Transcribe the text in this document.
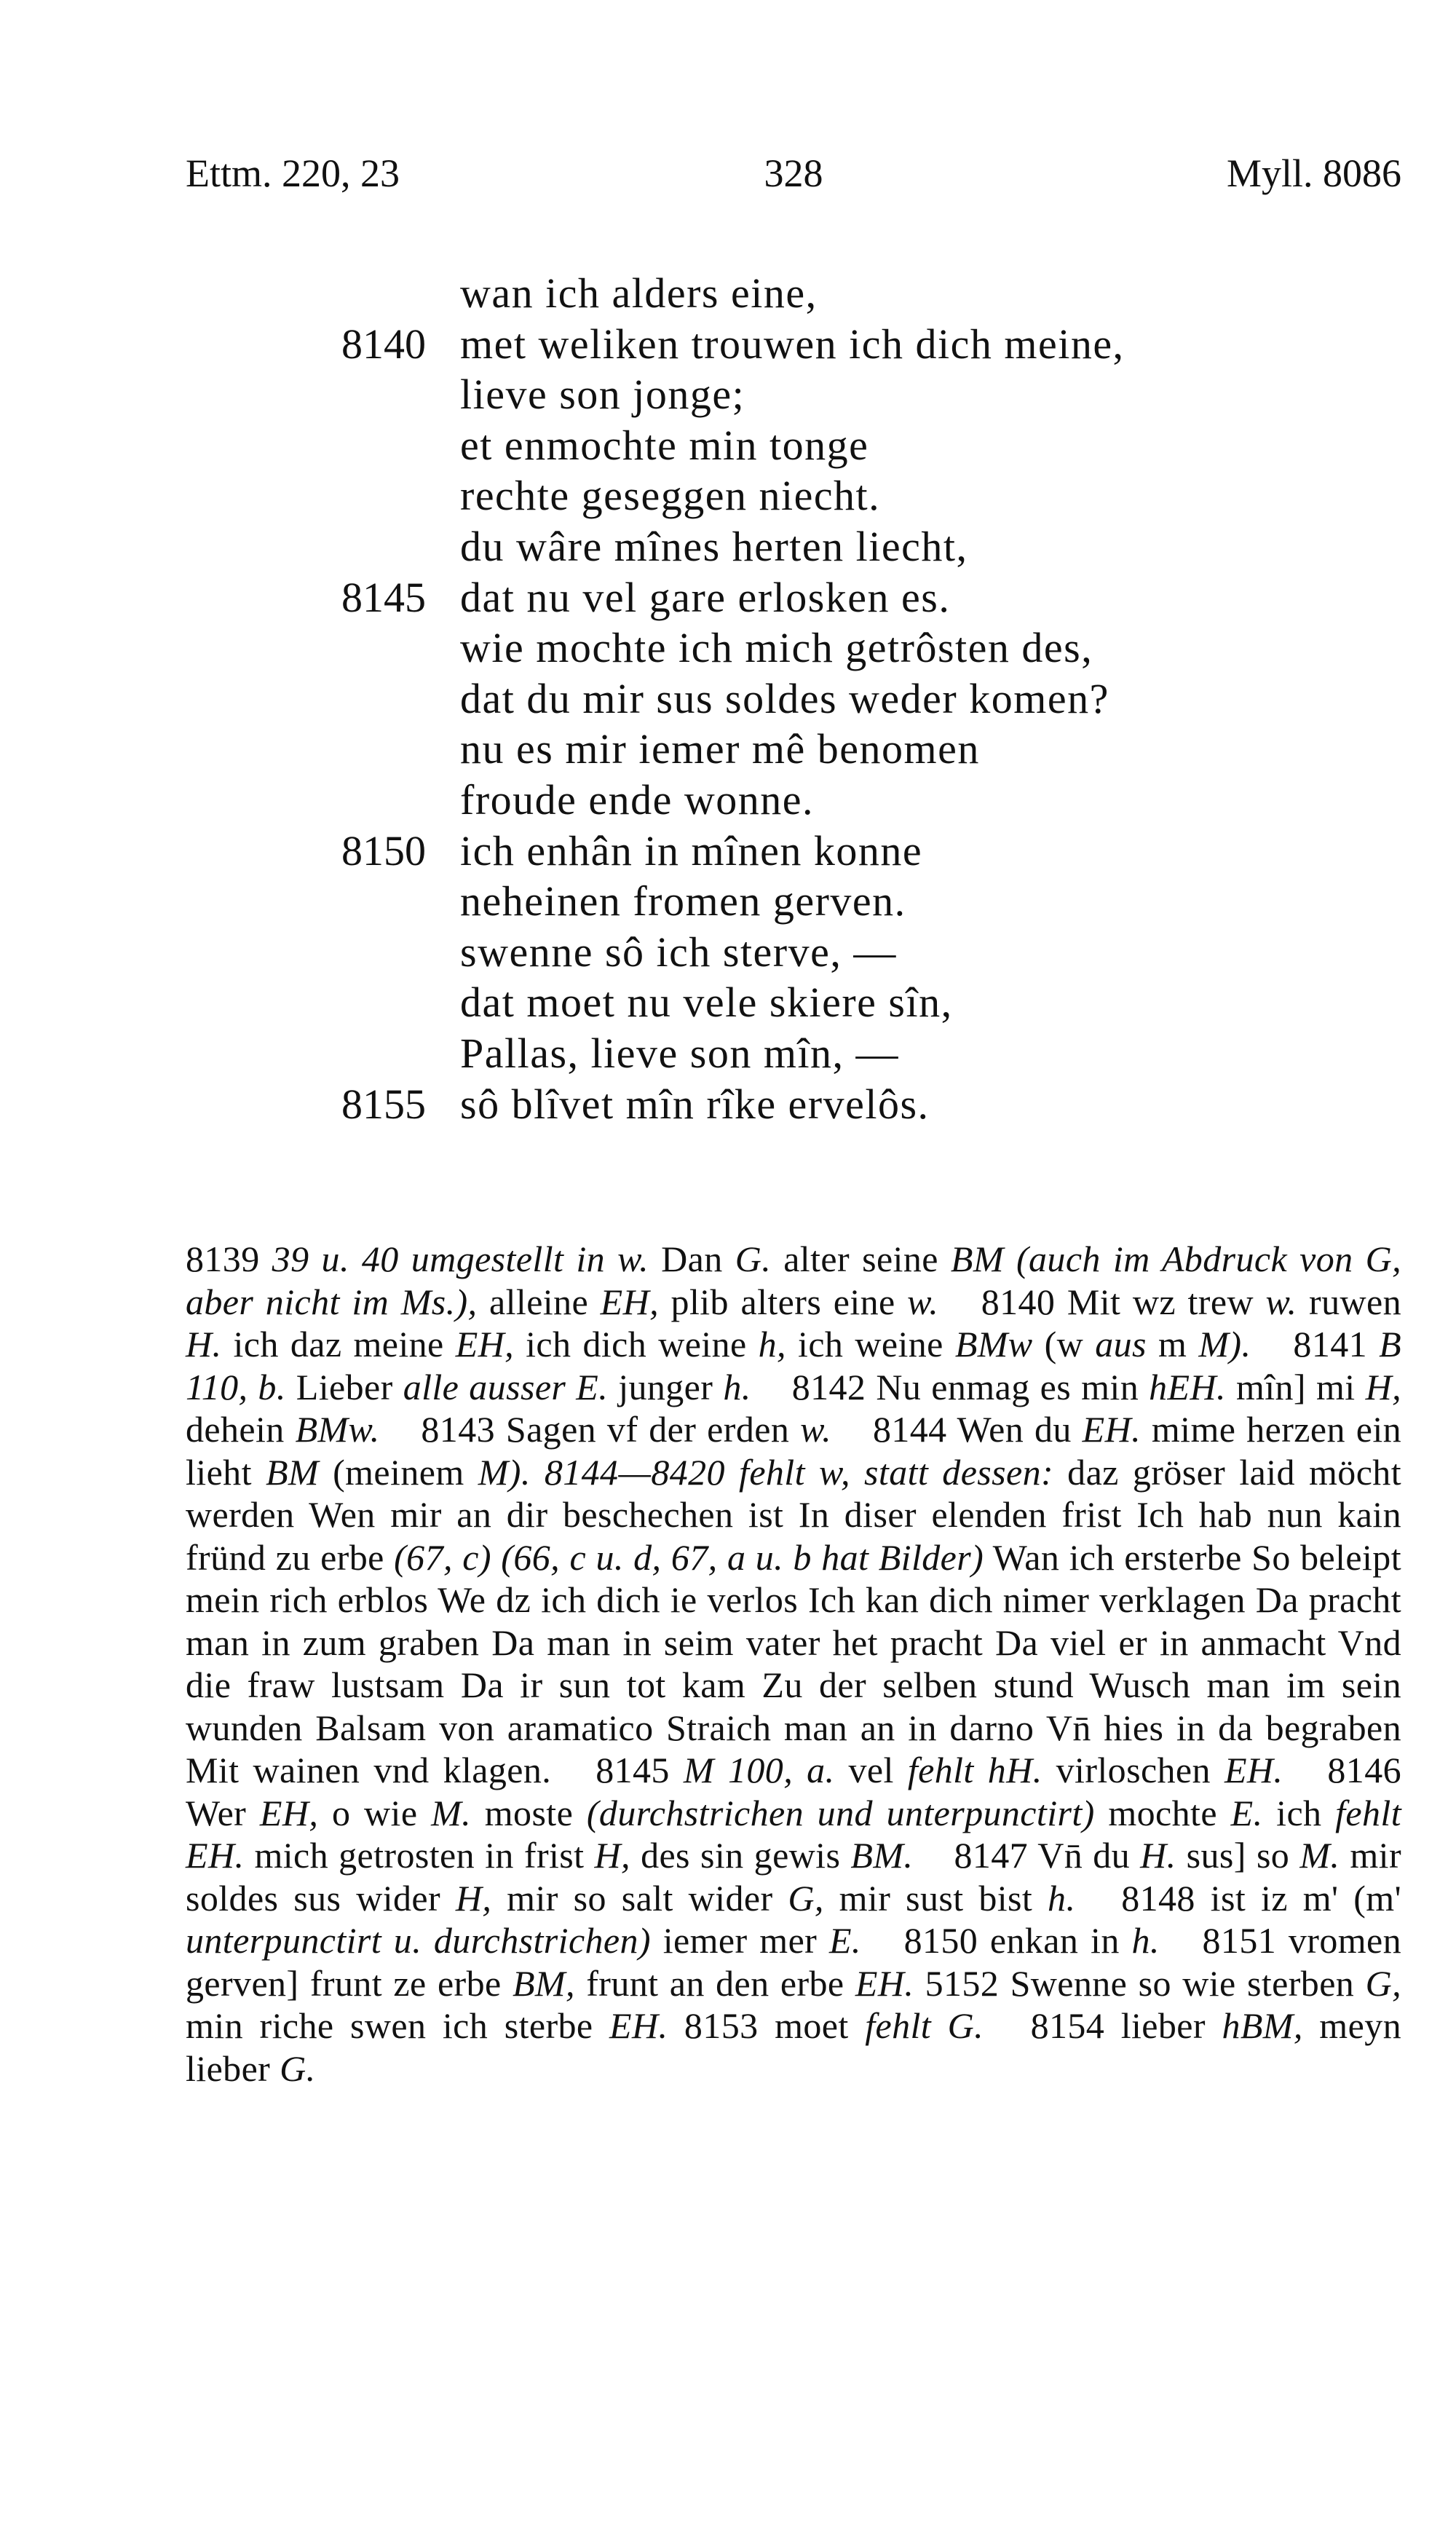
Ettm. 220, 23	328	Myll. 8086
wan ich alders eine,
8140 met weliken trouwen ich dich meine,
lieve son jonge;
et enmochte min tonge
rechte geseggen niecht.
du wâre mînes herten liecht,
8145 dat nu vel gare erlosken es.
wie mochte ich mich getrôsten des,
dat du mir sus soldes weder komen?
nu es mir iemer mê benomen
froude ende wonne.
8150 ich enhân in mînen konne
neheinen fromen gerven.
swenne sô ich sterve, —
dat moet nu vele skiere sîn,
Pallas, lieve son mîn, —
8155 sô blîvet mîn rîke ervelôs.
8139 39 u. 40 umgestellt in w. Dan G. alter seine BM (auch im Abdruck von G, aber nicht im Ms.), alleine EH, plib alters eine w. 8140 Mit wz trew w. ruwen H. ich daz meine EH, ich dich weine h, ich weine BMw (w aus m M). 8141 B 110, b. Lieber alle ausser E. junger h. 8142 Nu enmag es min hEH. mîn] mi H, dehein BMw. 8143 Sagen vf der erden w. 8144 Wen du EH. mime herzen ein lieht BM (meinem M). 8144—8420 fehlt w, statt dessen: daz gröser laid möcht werden Wen mir an dir beschechen ist In diser elenden frist Ich hab nun kain fründ zu erbe (67, c) (66, c u. d, 67, a u. b hat Bilder) Wan ich ersterbe So beleipt mein rich erblos We dz ich dich ie verlos Ich kan dich nimer verklagen Da pracht man in zum graben Da man in seim vater het pracht Da viel er in anmacht Vnd die fraw lustsam Da ir sun tot kam Zu der selben stund Wusch man im sein wunden Balsam von aramatico Straich man an in darno Vn̄ hies in da begraben Mit wainen vnd klagen. 8145 M 100, a. vel fehlt hH. virloschen EH. 8146 Wer EH, o wie M. moste (durchstrichen und unterpunctirt) mochte E. ich fehlt EH. mich getrosten in frist H, des sin gewis BM. 8147 Vn̄ du H. sus] so M. mir soldes sus wider H, mir so salt wider G, mir sust bist h. 8148 ist iz m' (m' unterpunctirt u. durchstrichen) iemer mer E. 8150 enkan in h. 8151 vromen gerven] frunt ze erbe BM, frunt an den erbe EH. 5152 Swenne so wie sterben G, min riche swen ich sterbe EH. 8153 moet fehlt G. 8154 lieber hBM, meyn lieber G.
